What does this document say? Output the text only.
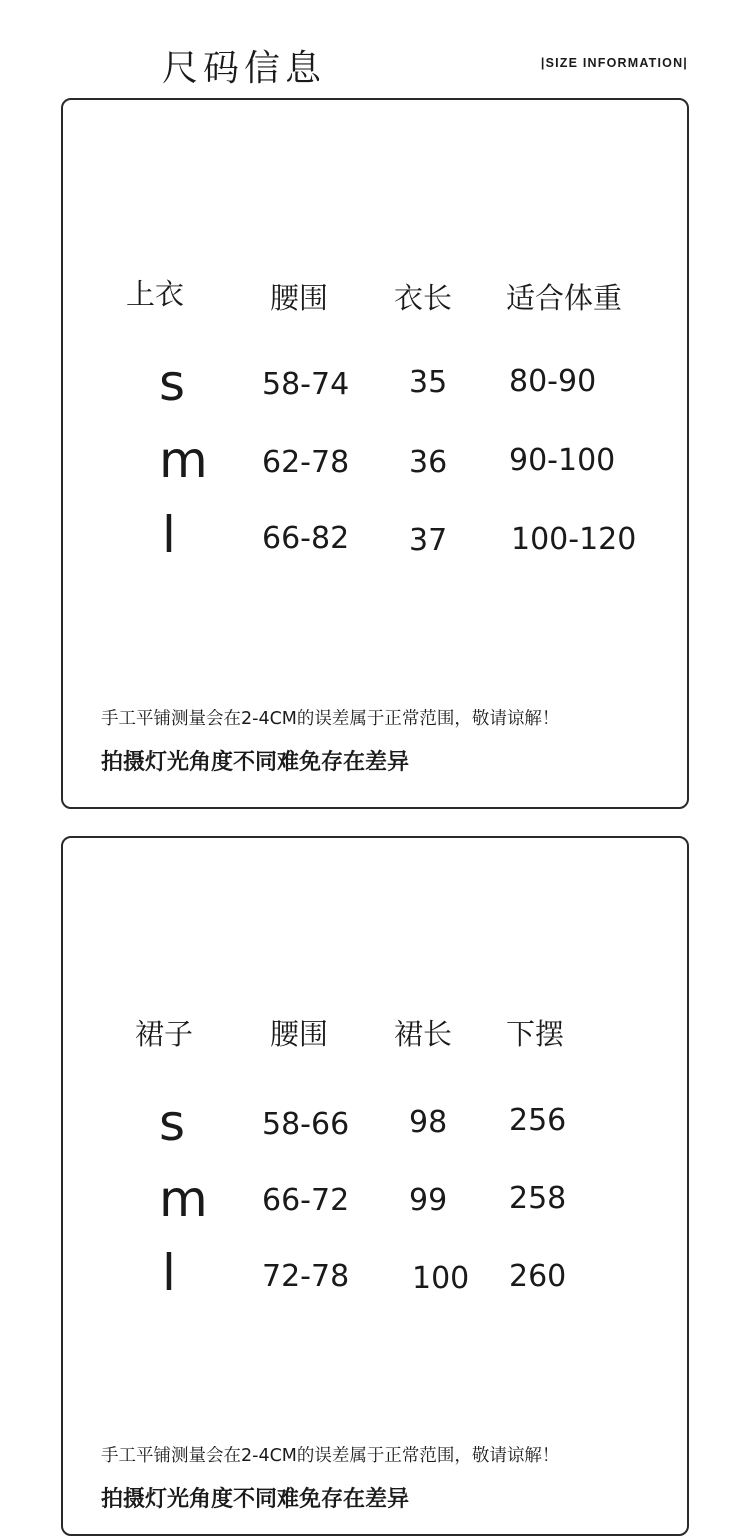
尺码信息	|SIZE INFORMATION|
上衣	腰围 衣长 适合体重
s	58-74 35 80-90
m 62-78 36 90-100
l	66-82 37 100-120
手工平铺测量会在2-4CM的误差属于正常范围，敬请谅解！
拍摄灯光角度不同难免存在差异
裙子	腰围 裙长 下摆
s	58-66 98 256
m 66-72 99 258
l	72-78 100 260
手工平铺测量会在2-4CM的误差属于正常范围，敬请谅解！
拍摄灯光角度不同难免存在差异
